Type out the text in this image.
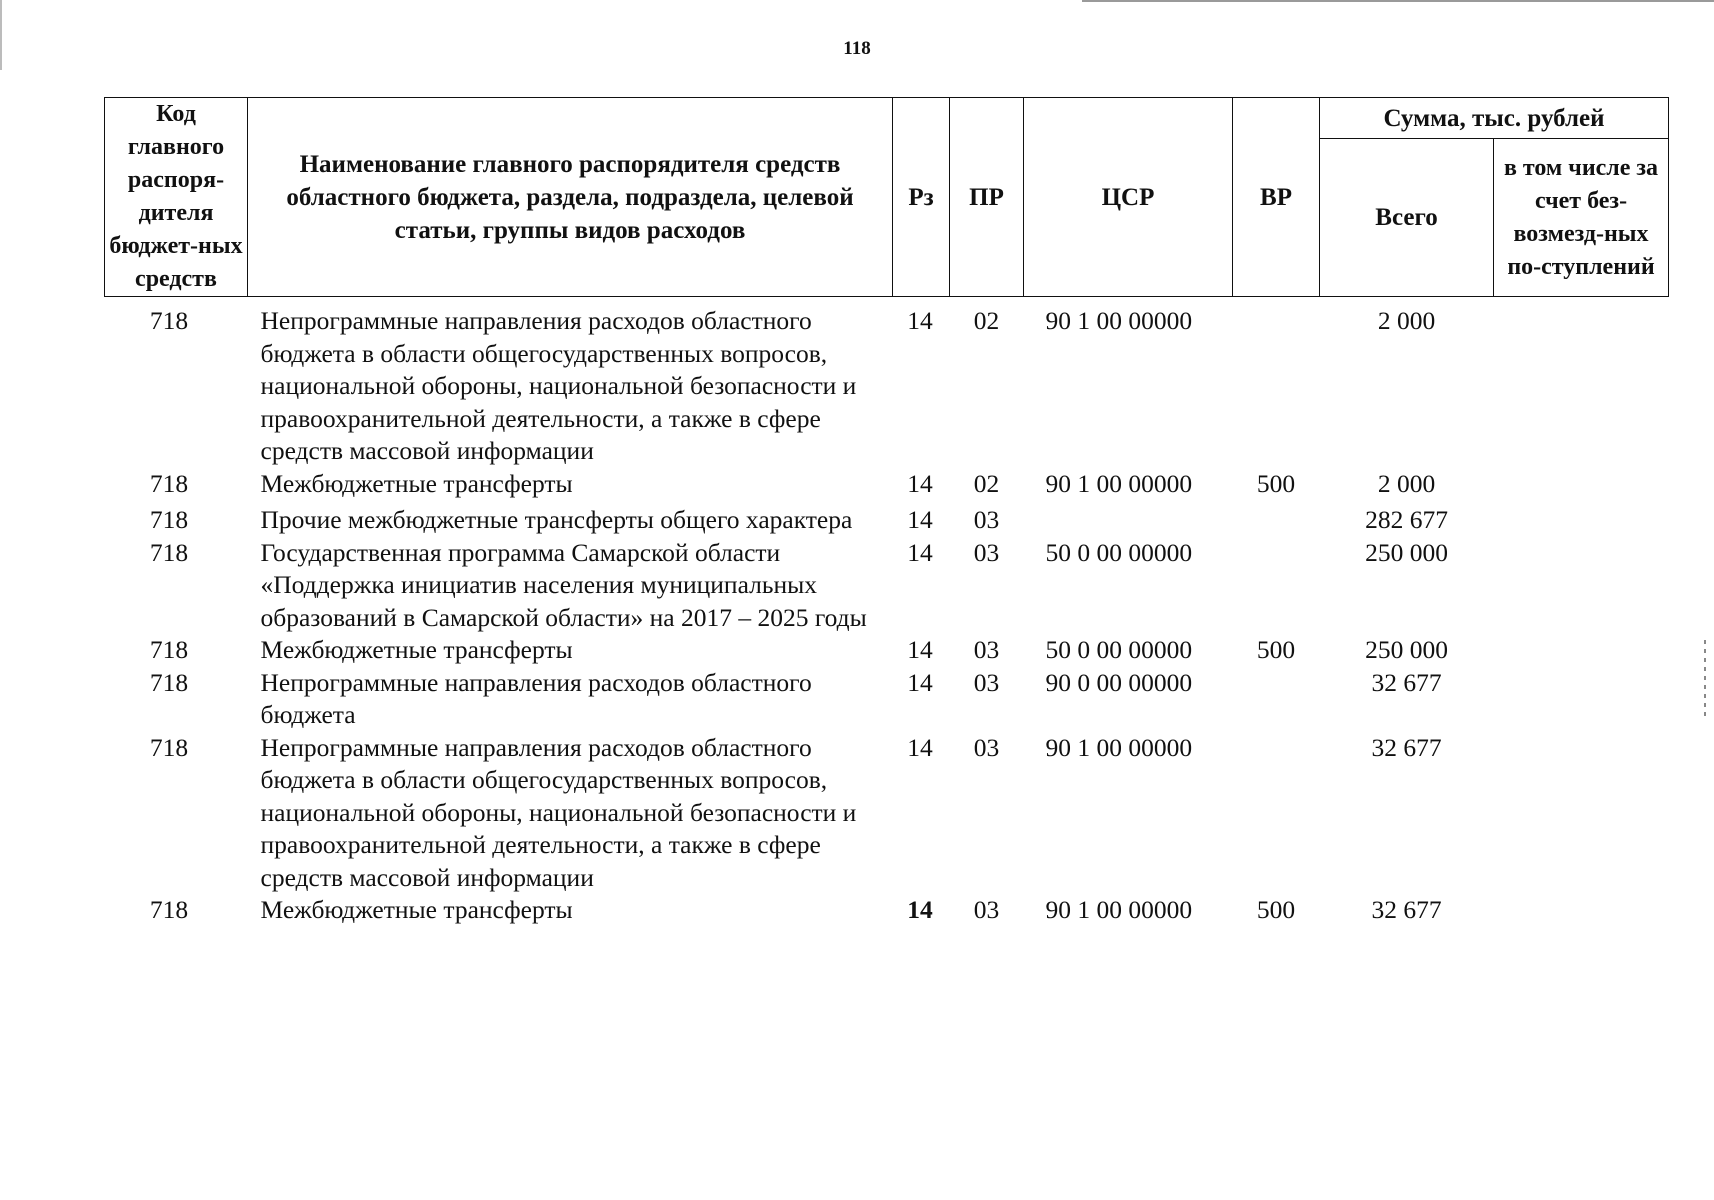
118
Код главного распоря-дителя бюджет-ных средств	Наименование главного распорядителя средств областного бюджета, раздела, подраздела, целевой статьи, группы видов расходов	Рз	ПР	ЦСР	ВР	Сумма, тыс. рублей	
						Всего	в том числе за счет без-возмезд-ных по-ступлений
718	Непрограммные направления расходов областного бюджета в области общегосударственных вопросов, национальной обороны, национальной безопасности и правоохранительной деятельности, а также в сфере средств массовой информации	14	02	90 1 00 00000		2 000	
718	Межбюджетные трансферты	14	02	90 1 00 00000	500	2 000	
718	Прочие межбюджетные трансферты общего характера	14	03			282 677	
718	Государственная программа Самарской области «Поддержка инициатив населения муниципальных образований в Самарской области» на 2017 – 2025 годы	14	03	50 0 00 00000		250 000	
718	Межбюджетные трансферты	14	03	50 0 00 00000	500	250 000	
718	Непрограммные направления расходов областного бюджета	14	03	90 0 00 00000		32 677	
718	Непрограммные направления расходов областного бюджета в области общегосударственных вопросов, национальной обороны, национальной безопасности и правоохранительной деятельности, а также в сфере средств массовой информации	14	03	90 1 00 00000		32 677	
718	Межбюджетные трансферты	14	03	90 1 00 00000	500	32 677	
